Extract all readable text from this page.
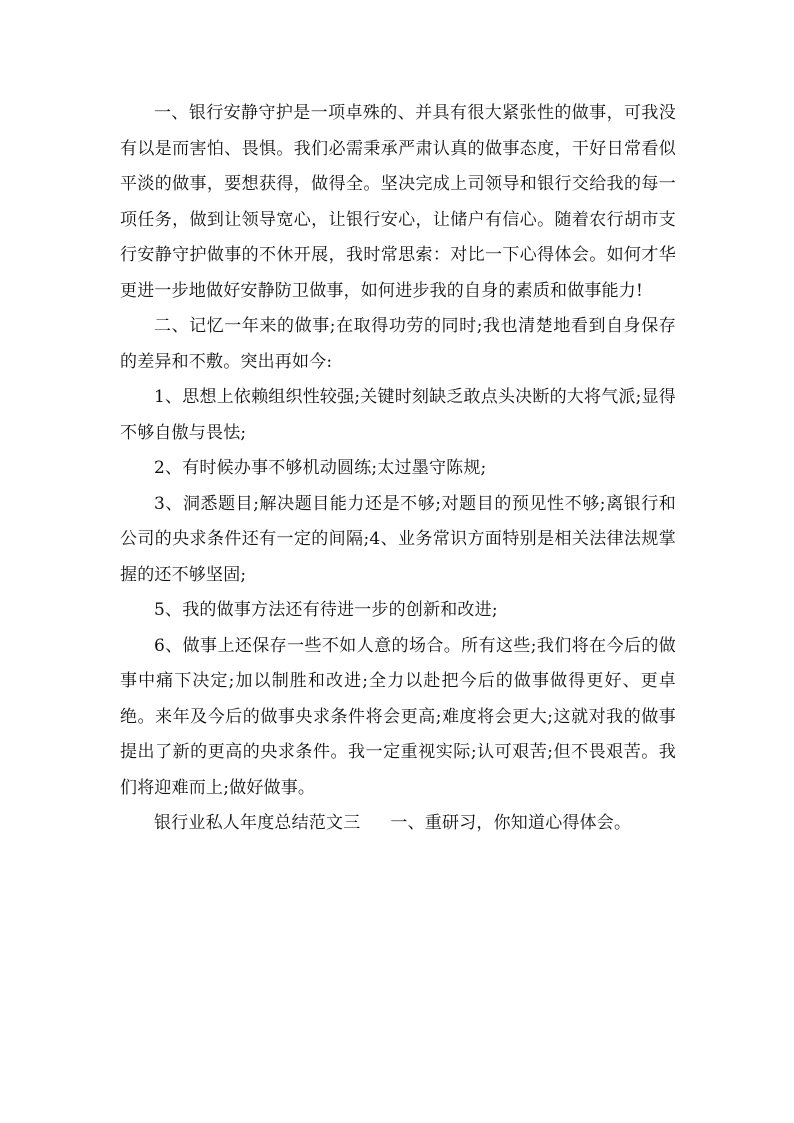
一、银行安静守护是一项卓殊的、并具有很大紧张性的做事，可我没有以是而害怕、畏惧。我们必需秉承严肃认真的做事态度，干好日常看似平淡的做事，要想获得，做得全。坚决完成上司领导和银行交给我的每一项任务，做到让领导宽心，让银行安心，让储户有信心。随着农行胡市支行安静守护做事的不休开展，我时常思索：对比一下心得体会。如何才华更进一步地做好安静防卫做事，如何进步我的自身的素质和做事能力!

二、记忆一年来的做事;在取得功劳的同时;我也清楚地看到自身保存的差异和不敷。突出再如今:

1、思想上依赖组织性较强;关键时刻缺乏敢点头决断的大将气派;显得不够自傲与畏怯;

2、有时候办事不够机动圆练;太过墨守陈规;

3、洞悉题目;解决题目能力还是不够;对题目的预见性不够;离银行和公司的央求条件还有一定的间隔;4、业务常识方面特别是相关法律法规掌握的还不够坚固;

5、我的做事方法还有待进一步的创新和改进;

6、做事上还保存一些不如人意的场合。所有这些;我们将在今后的做事中痛下决定;加以制胜和改进;全力以赴把今后的做事做得更好、更卓绝。来年及今后的做事央求条件将会更高;难度将会更大;这就对我的做事提出了新的更高的央求条件。我一定重视实际;认可艰苦;但不畏艰苦。我们将迎难而上;做好做事。

银行业私人年度总结范文三 一、重研习，你知道心得体会。
